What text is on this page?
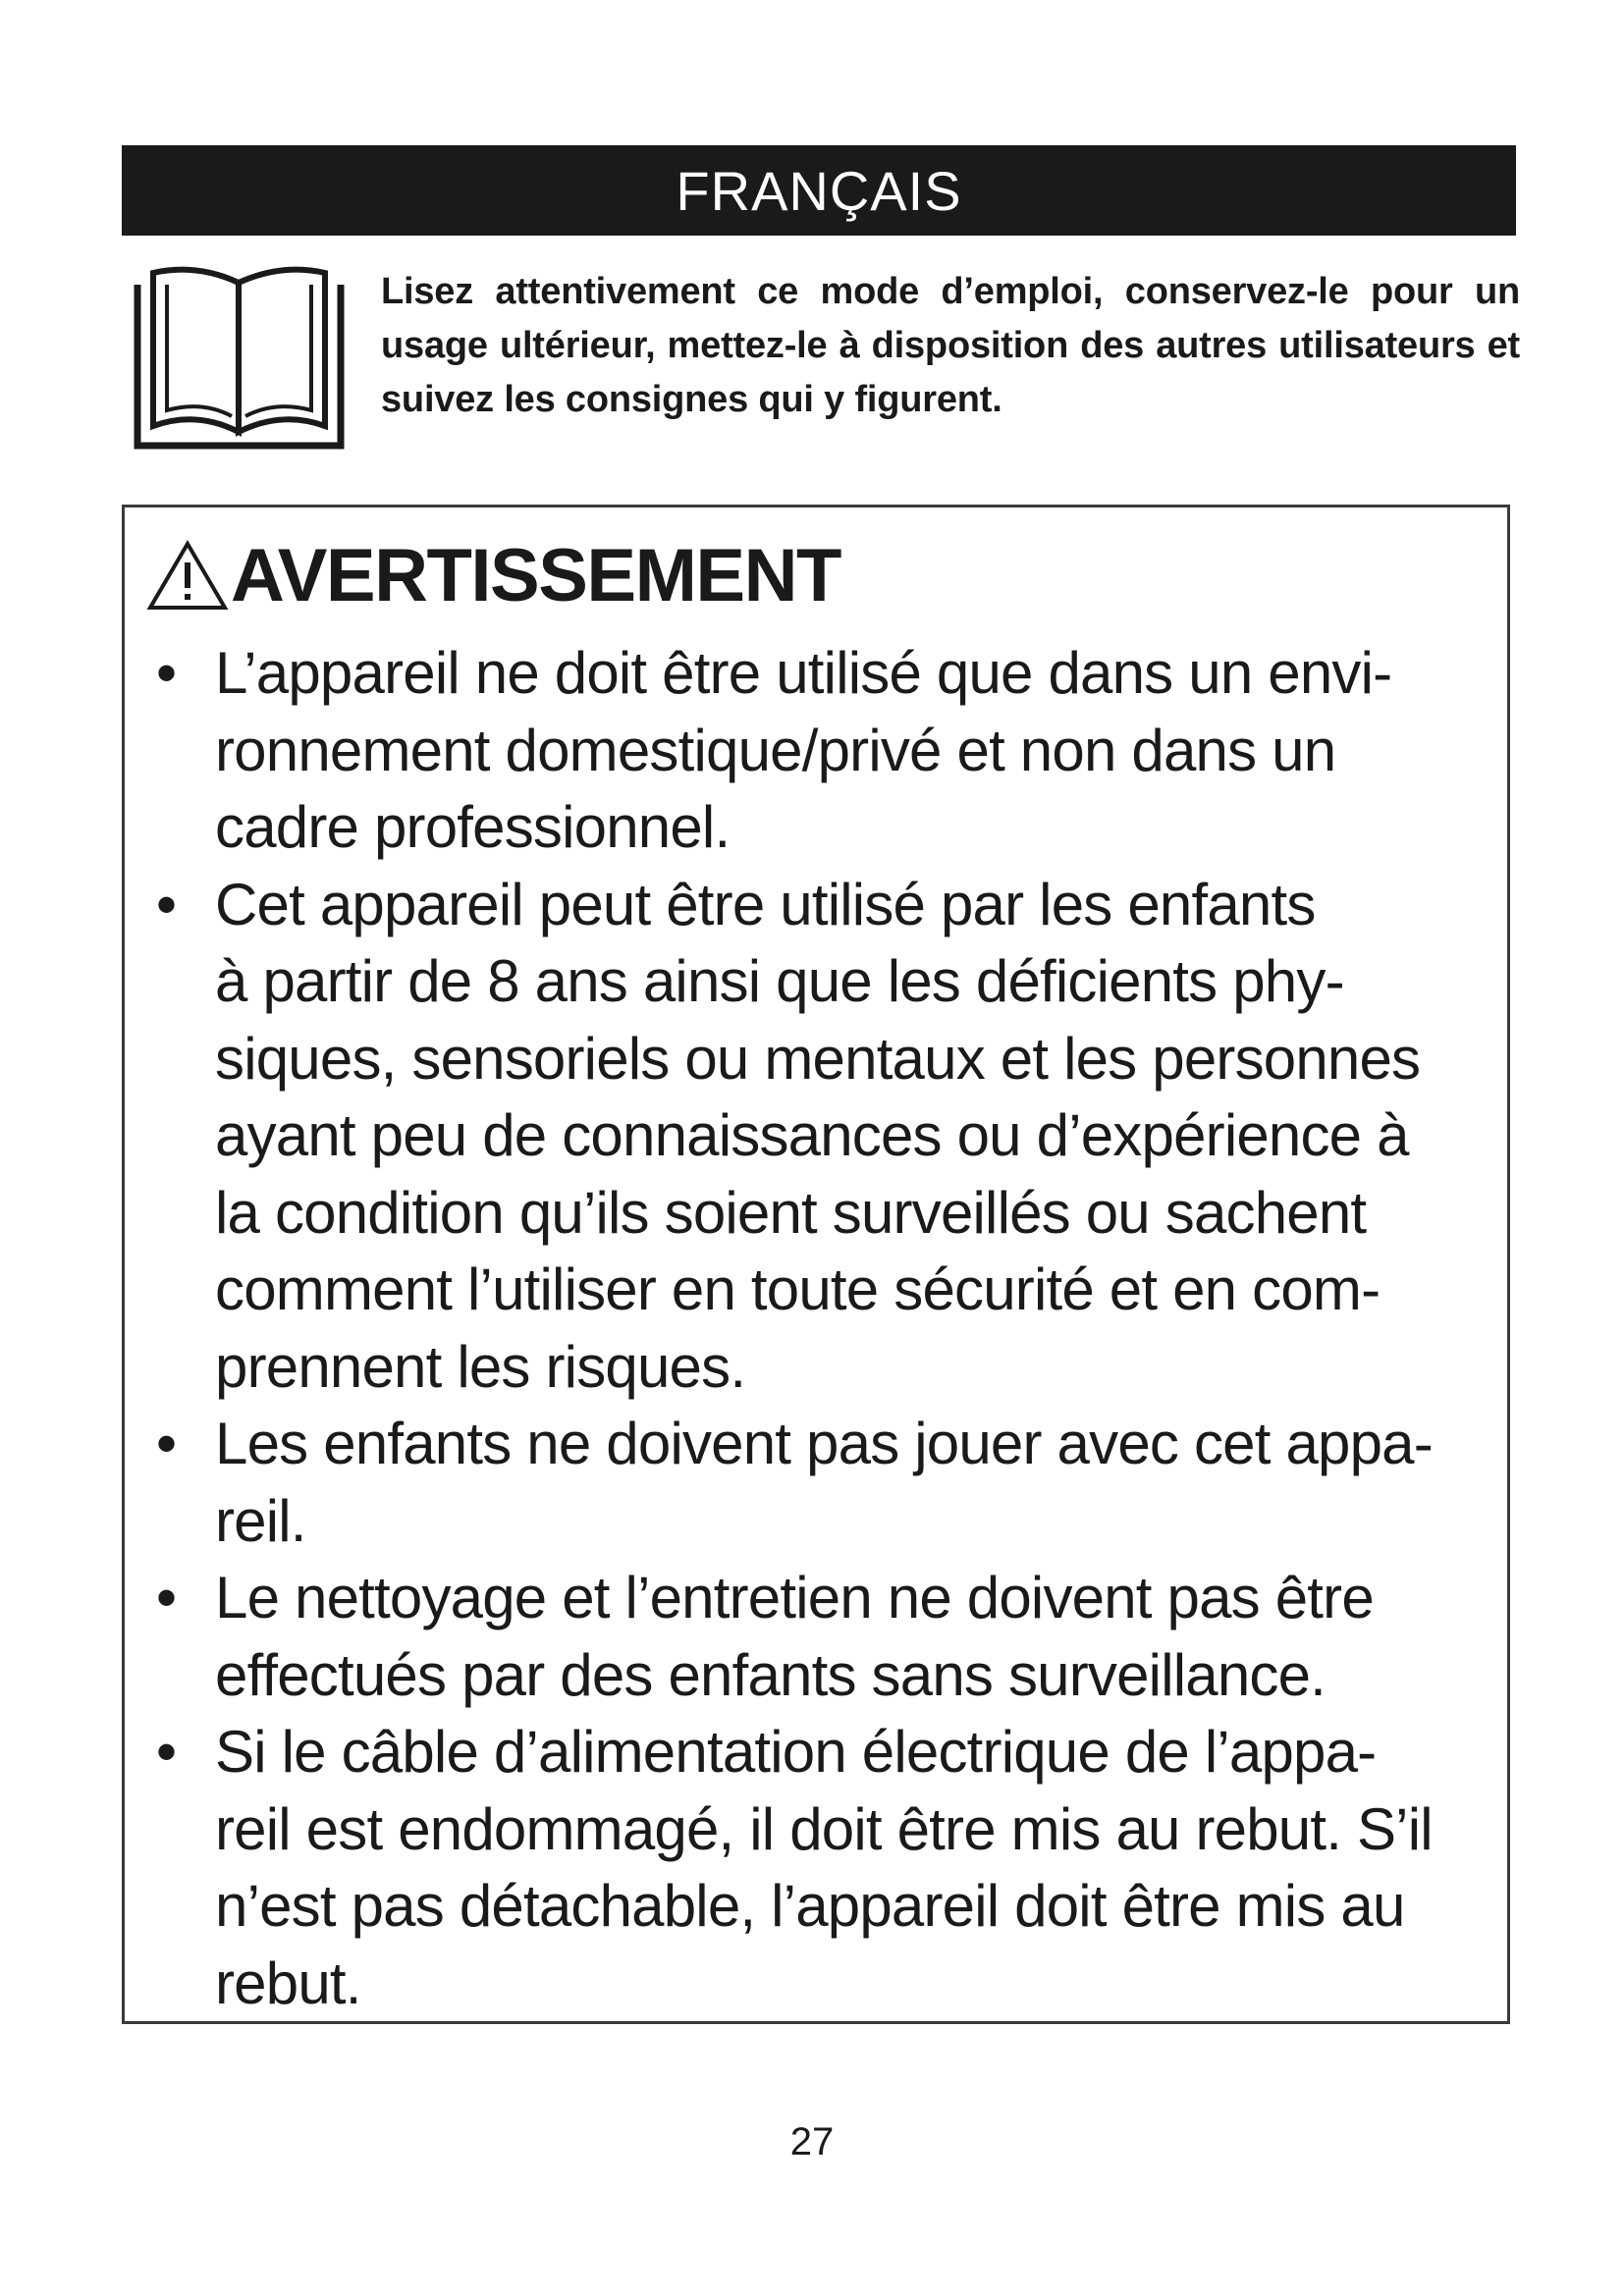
FRANÇAIS
Lisez attentivement ce mode d’emploi, conservez-le pour un usage ultérieur, mettez-le à disposition des autres utilisateurs et suivez les consignes qui y figurent.
AVERTISSEMENT
• L’appareil ne doit être utilisé que dans un envi-
ronnement domestique/privé et non dans un
cadre professionnel.
• Cet appareil peut être utilisé par les enfants
à partir de 8 ans ainsi que les déficients phy-
siques, sensoriels ou mentaux et les personnes
ayant peu de connaissances ou d’expérience à
la condition qu’ils soient surveillés ou sachent
comment l’utiliser en toute sécurité et en com-
prennent les risques.
• Les enfants ne doivent pas jouer avec cet appa-
reil.
• Le nettoyage et l’entretien ne doivent pas être
effectués par des enfants sans surveillance.
• Si le câble d’alimentation électrique de l’appa-
reil est endommagé, il doit être mis au rebut. S’il
n’est pas détachable, l’appareil doit être mis au
rebut.
27
